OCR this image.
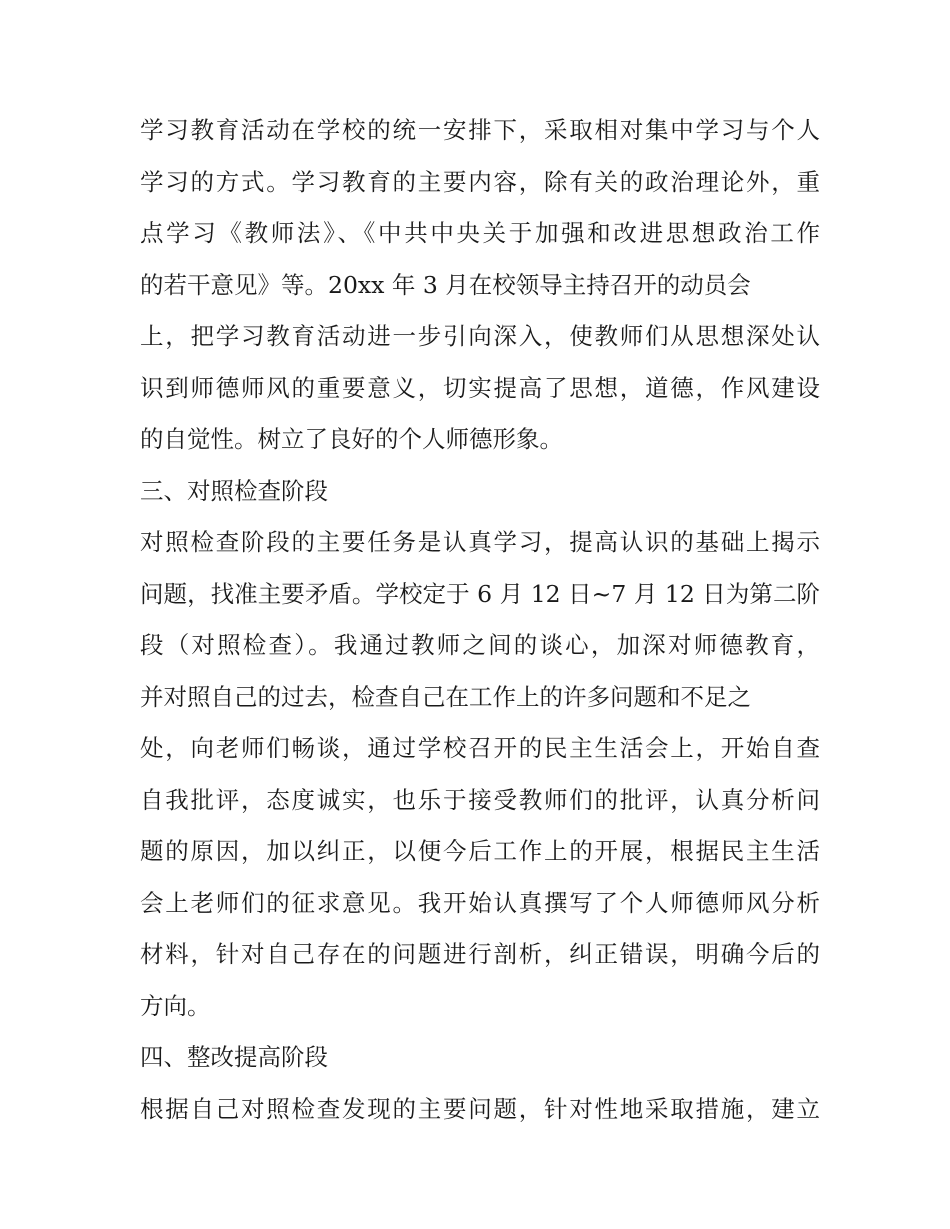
学习教育活动在学校的统一安排下，采取相对集中学习与个人
学习的方式。学习教育的主要内容，除有关的政治理论外，重
点学习《教师法》、《中共中央关于加强和改进思想政治工作
的若干意见》等。20xx 年 3 月在校领导主持召开的动员会
上，把学习教育活动进一步引向深入，使教师们从思想深处认
识到师德师风的重要意义，切实提高了思想，道德，作风建设
的自觉性。树立了良好的个人师德形象。
三、对照检查阶段
对照检查阶段的主要任务是认真学习，提高认识的基础上揭示
问题，找准主要矛盾。学校定于 6 月 12 日~7 月 12 日为第二阶
段（对照检查）。我通过教师之间的谈心，加深对师德教育，
并对照自己的过去，检查自己在工作上的许多问题和不足之
处，向老师们畅谈，通过学校召开的民主生活会上，开始自查
自我批评，态度诚实，也乐于接受教师们的批评，认真分析问
题的原因，加以纠正，以便今后工作上的开展，根据民主生活
会上老师们的征求意见。我开始认真撰写了个人师德师风分析
材料，针对自己存在的问题进行剖析，纠正错误，明确今后的
方向。
四、整改提高阶段
根据自己对照检查发现的主要问题，针对性地采取措施，建立
